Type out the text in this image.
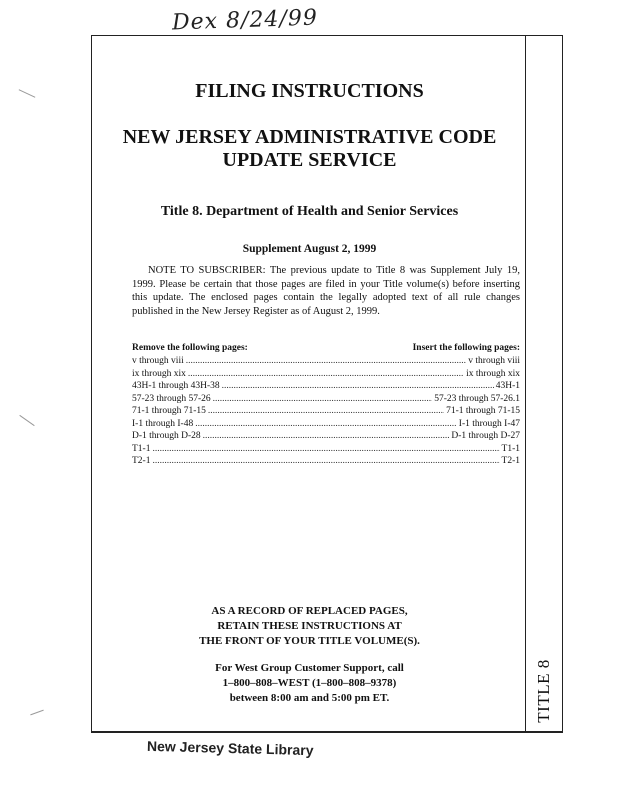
Dex 8/24/99
FILING INSTRUCTIONS
NEW JERSEY ADMINISTRATIVE CODE
UPDATE SERVICE
Title 8. Department of Health and Senior Services
Supplement August 2, 1999

NOTE TO SUBSCRIBER: The previous update to Title 8 was Supplement July 19, 1999. Please be certain that those pages are filed in your Title volume(s) before inserting this update. The enclosed pages contain the legally adopted text of all rule changes published in the New Jersey Register as of August 2, 1999.

Remove the following pages:	Insert the following pages:
v through viii .....	v through viii
ix through xix .....	ix through xix
43H-1 through 43H-38 .....	43H-1
57-23 through 57-26 .....	57-23 through 57-26.1
71-1 through 71-15 .....	71-1 through 71-15
I-1 through I-48 .....	I-1 through I-47
D-1 through D-28 .....	D-1 through D-27
T1-1 .....	T1-1
T2-1 .....	T2-1
AS A RECORD OF REPLACED PAGES,
RETAIN THESE INSTRUCTIONS AT
THE FRONT OF YOUR TITLE VOLUME(S).
For West Group Customer Support, call
1–800–808–WEST (1–800–808–9378)
between 8:00 am and 5:00 pm ET.	TITLE 8
New Jersey State Library
